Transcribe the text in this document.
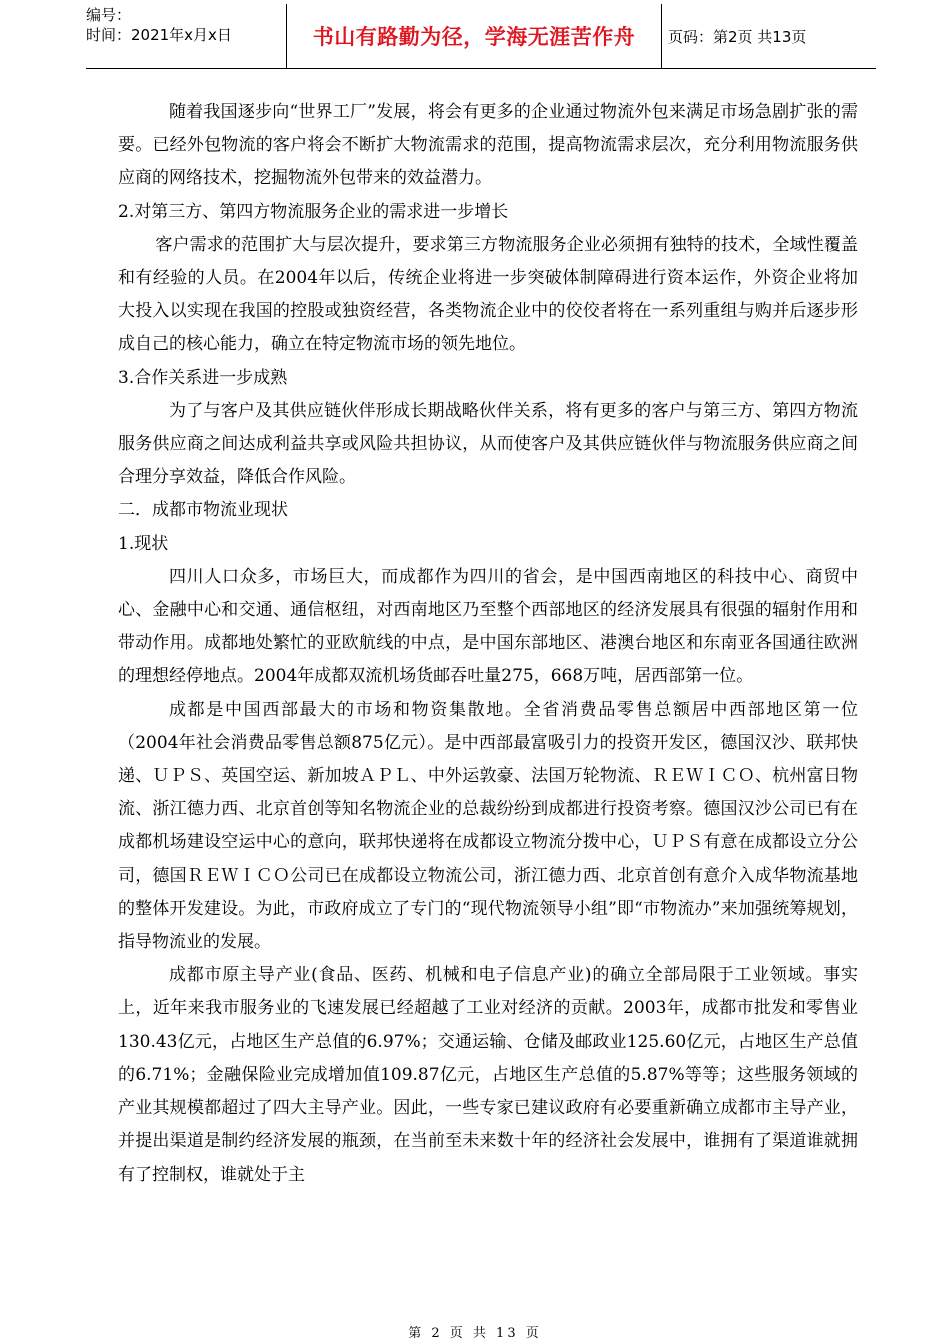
编号：
时间：2021年x月x日	书山有路勤为径，学海无涯苦作舟	页码：第2页 共13页

随着我国逐步向“世界工厂”发展，将会有更多的企业通过物流外包来满足市场急剧扩张的需要。已经外包物流的客户将会不断扩大物流需求的范围，提高物流需求层次，充分利用物流服务供应商的网络技术，挖掘物流外包带来的效益潜力。

2.对第三方、第四方物流服务企业的需求进一步增长

客户需求的范围扩大与层次提升，要求第三方物流服务企业必须拥有独特的技术，全域性覆盖和有经验的人员。在2004年以后，传统企业将进一步突破体制障碍进行资本运作，外资企业将加大投入以实现在我国的控股或独资经营，各类物流企业中的佼佼者将在一系列重组与购并后逐步形成自己的核心能力，确立在特定物流市场的领先地位。

3.合作关系进一步成熟

为了与客户及其供应链伙伴形成长期战略伙伴关系，将有更多的客户与第三方、第四方物流服务供应商之间达成利益共享或风险共担协议，从而使客户及其供应链伙伴与物流服务供应商之间合理分享效益，降低合作风险。

二．成都市物流业现状

1.现状

四川人口众多，市场巨大，而成都作为四川的省会，是中国西南地区的科技中心、商贸中 心、金融中心和交通、通信枢纽，对西南地区乃至整个西部地区的经济发展具有很强的辐射作用和带动作用。成都地处繁忙的亚欧航线的中点，是中国东部地区、港澳台地区和东南亚各国通往欧洲的理想经停地点。2004年成都双流机场货邮吞吐量275，668万吨，居西部第一位。

成都是中国西部最大的市场和物资集散地。全省消费品零售总额居中西部地区第一位（2004年社会消费品零售总额875亿元）。是中西部最富吸引力的投资开发区，德国汉沙、联邦快递、ＵＰＳ、英国空运、新加坡ＡＰＬ、中外运敦豪、法国万轮物流、ＲＥＷＩＣＯ、杭州富日物流、浙江德力西、北京首创等知名物流企业的总裁纷纷到成都进行投资考察。德国汉沙公司已有在成都机场建设空运中心的意向，联邦快递将在成都设立物流分拨中心，ＵＰＳ有意在成都设立分公司，德国ＲＥＷＩＣＯ公司已在成都设立物流公司，浙江德力西、北京首创有意介入成华物流基地的整体开发建设。为此，市政府成立了专门的“现代物流领导小组”即“市物流办”来加强统筹规划，指导物流业的发展。

成都市原主导产业(食品、医药、机械和电子信息产业)的确立全部局限于工业领域。事实上，近年来我市服务业的飞速发展已经超越了工业对经济的贡献。2003年，成都市批发和零售业130.43亿元，占地区生产总值的6.97%；交通运输、仓储及邮政业125.60亿元，占地区生产总值的6.71%；金融保险业完成增加值109.87亿元，占地区生产总值的5.87%等等；这些服务领域的产业其规模都超过了四大主导产业。因此，一些专家已建议政府有必要重新确立成都市主导产业，并提出渠道是制约经济发展的瓶颈，在当前至未来数十年的经济社会发展中，谁拥有了渠道谁就拥有了控制权，谁就处于主

第 2 页 共 13 页
